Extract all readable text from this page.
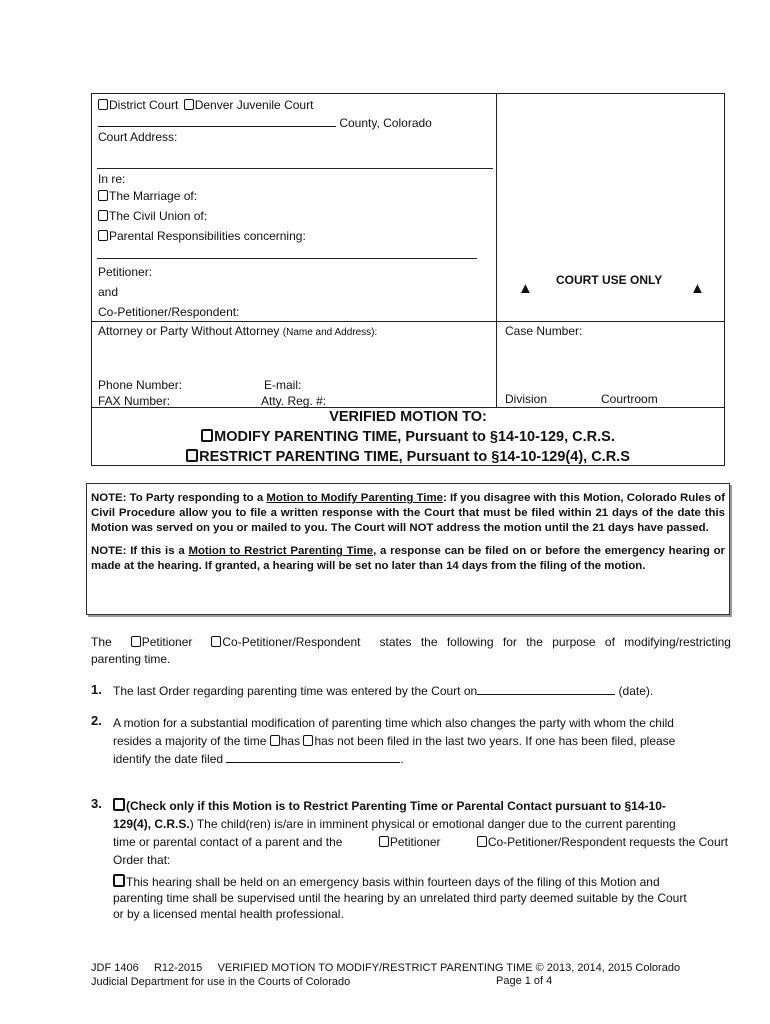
District Court Denver Juvenile Court
County, Colorado
Court Address:
In re:
The Marriage of:
The Civil Union of:
Parental Responsibilities concerning:
Petitioner:
and
Co-Petitioner/Respondent:
Attorney or Party Without Attorney (Name and Address):
Phone Number:	E-mail:
FAX Number:	Atty. Reg. #:
▲ COURT USE ONLY ▲
Case Number:
Division	Courtroom
VERIFIED MOTION TO:
MODIFY PARENTING TIME, Pursuant to §14-10-129, C.R.S.
RESTRICT PARENTING TIME, Pursuant to §14-10-129(4), C.R.S
NOTE: To Party responding to a Motion to Modify Parenting Time: If you disagree with this Motion, Colorado Rules of Civil Procedure allow you to file a written response with the Court that must be filed within 21 days of the date this Motion was served on you or mailed to you. The Court will NOT address the motion until the 21 days have passed.
NOTE: If this is a Motion to Restrict Parenting Time, a response can be filed on or before the emergency hearing or made at the hearing. If granted, a hearing will be set no later than 14 days from the filing of the motion.
The	Petitioner	Co-Petitioner/Respondent states the following for the purpose of modifying/restricting
parenting time.
1. The last Order regarding parenting time was entered by the Court on	(date).
2. A motion for a substantial modification of parenting time which also changes the party with whom the child
resides a majority of the time has has not been filed in the last two years. If one has been filed, please
identify the date filed	.
3.	(Check only if this Motion is to Restrict Parenting Time or Parental Contact pursuant to §14-10-
129(4), C.R.S.) The child(ren) is/are in imminent physical or emotional danger due to the current parenting
time or parental contact of a parent and the	Petitioner	Co-Petitioner/Respondent requests the Court
Order that:
This hearing shall be held on an emergency basis within fourteen days of the filing of this Motion and
parenting time shall be supervised until the hearing by an unrelated third party deemed suitable by the Court
or by a licensed mental health professional.
JDF 1406     R12-2015     VERIFIED MOTION TO MODIFY/RESTRICT PARENTING TIME © 2013, 2014, 2015 Colorado
Judicial Department for use in the Courts of Colorado	Page 1 of 4
